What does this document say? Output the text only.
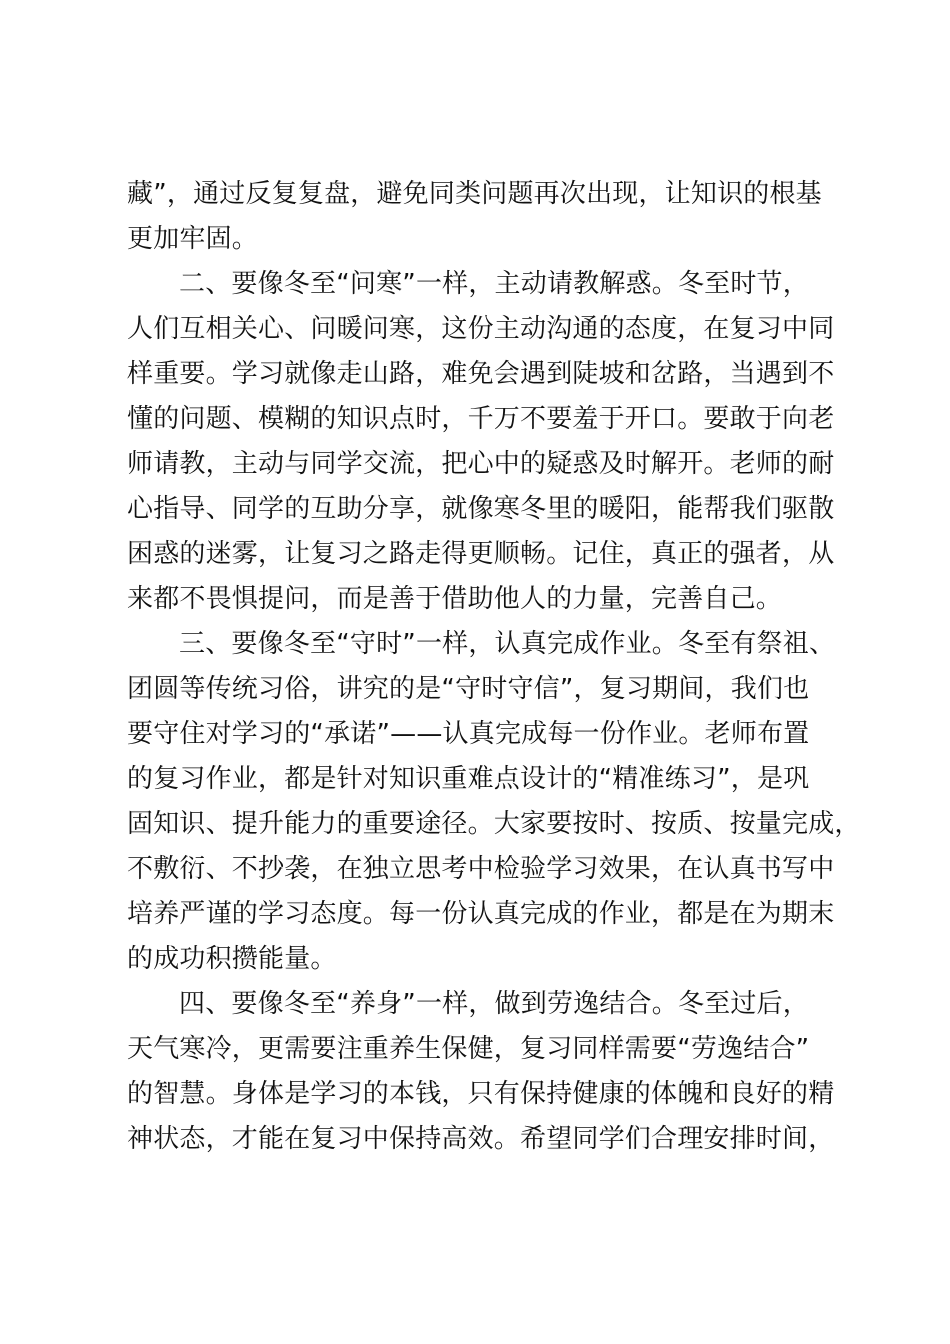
藏”，通过反复复盘，避免同类问题再次出现，让知识的根基
更加牢固。
二、要像冬至“问寒”一样，主动请教解惑。冬至时节，
人们互相关心、问暖问寒，这份主动沟通的态度，在复习中同
样重要。学习就像走山路，难免会遇到陡坡和岔路，当遇到不
懂的问题、模糊的知识点时，千万不要羞于开口。要敢于向老
师请教，主动与同学交流，把心中的疑惑及时解开。老师的耐
心指导、同学的互助分享，就像寒冬里的暖阳，能帮我们驱散
困惑的迷雾，让复习之路走得更顺畅。记住，真正的强者，从
来都不畏惧提问，而是善于借助他人的力量，完善自己。
三、要像冬至“守时”一样，认真完成作业。冬至有祭祖、
团圆等传统习俗，讲究的是“守时守信”，复习期间，我们也
要守住对学习的“承诺”——认真完成每一份作业。老师布置
的复习作业，都是针对知识重难点设计的“精准练习”，是巩
固知识、提升能力的重要途径。大家要按时、按质、按量完成，
不敷衍、不抄袭，在独立思考中检验学习效果，在认真书写中
培养严谨的学习态度。每一份认真完成的作业，都是在为期末
的成功积攒能量。
四、要像冬至“养身”一样，做到劳逸结合。冬至过后，
天气寒冷，更需要注重养生保健，复习同样需要“劳逸结合”
的智慧。身体是学习的本钱，只有保持健康的体魄和良好的精
神状态，才能在复习中保持高效。希望同学们合理安排时间，
